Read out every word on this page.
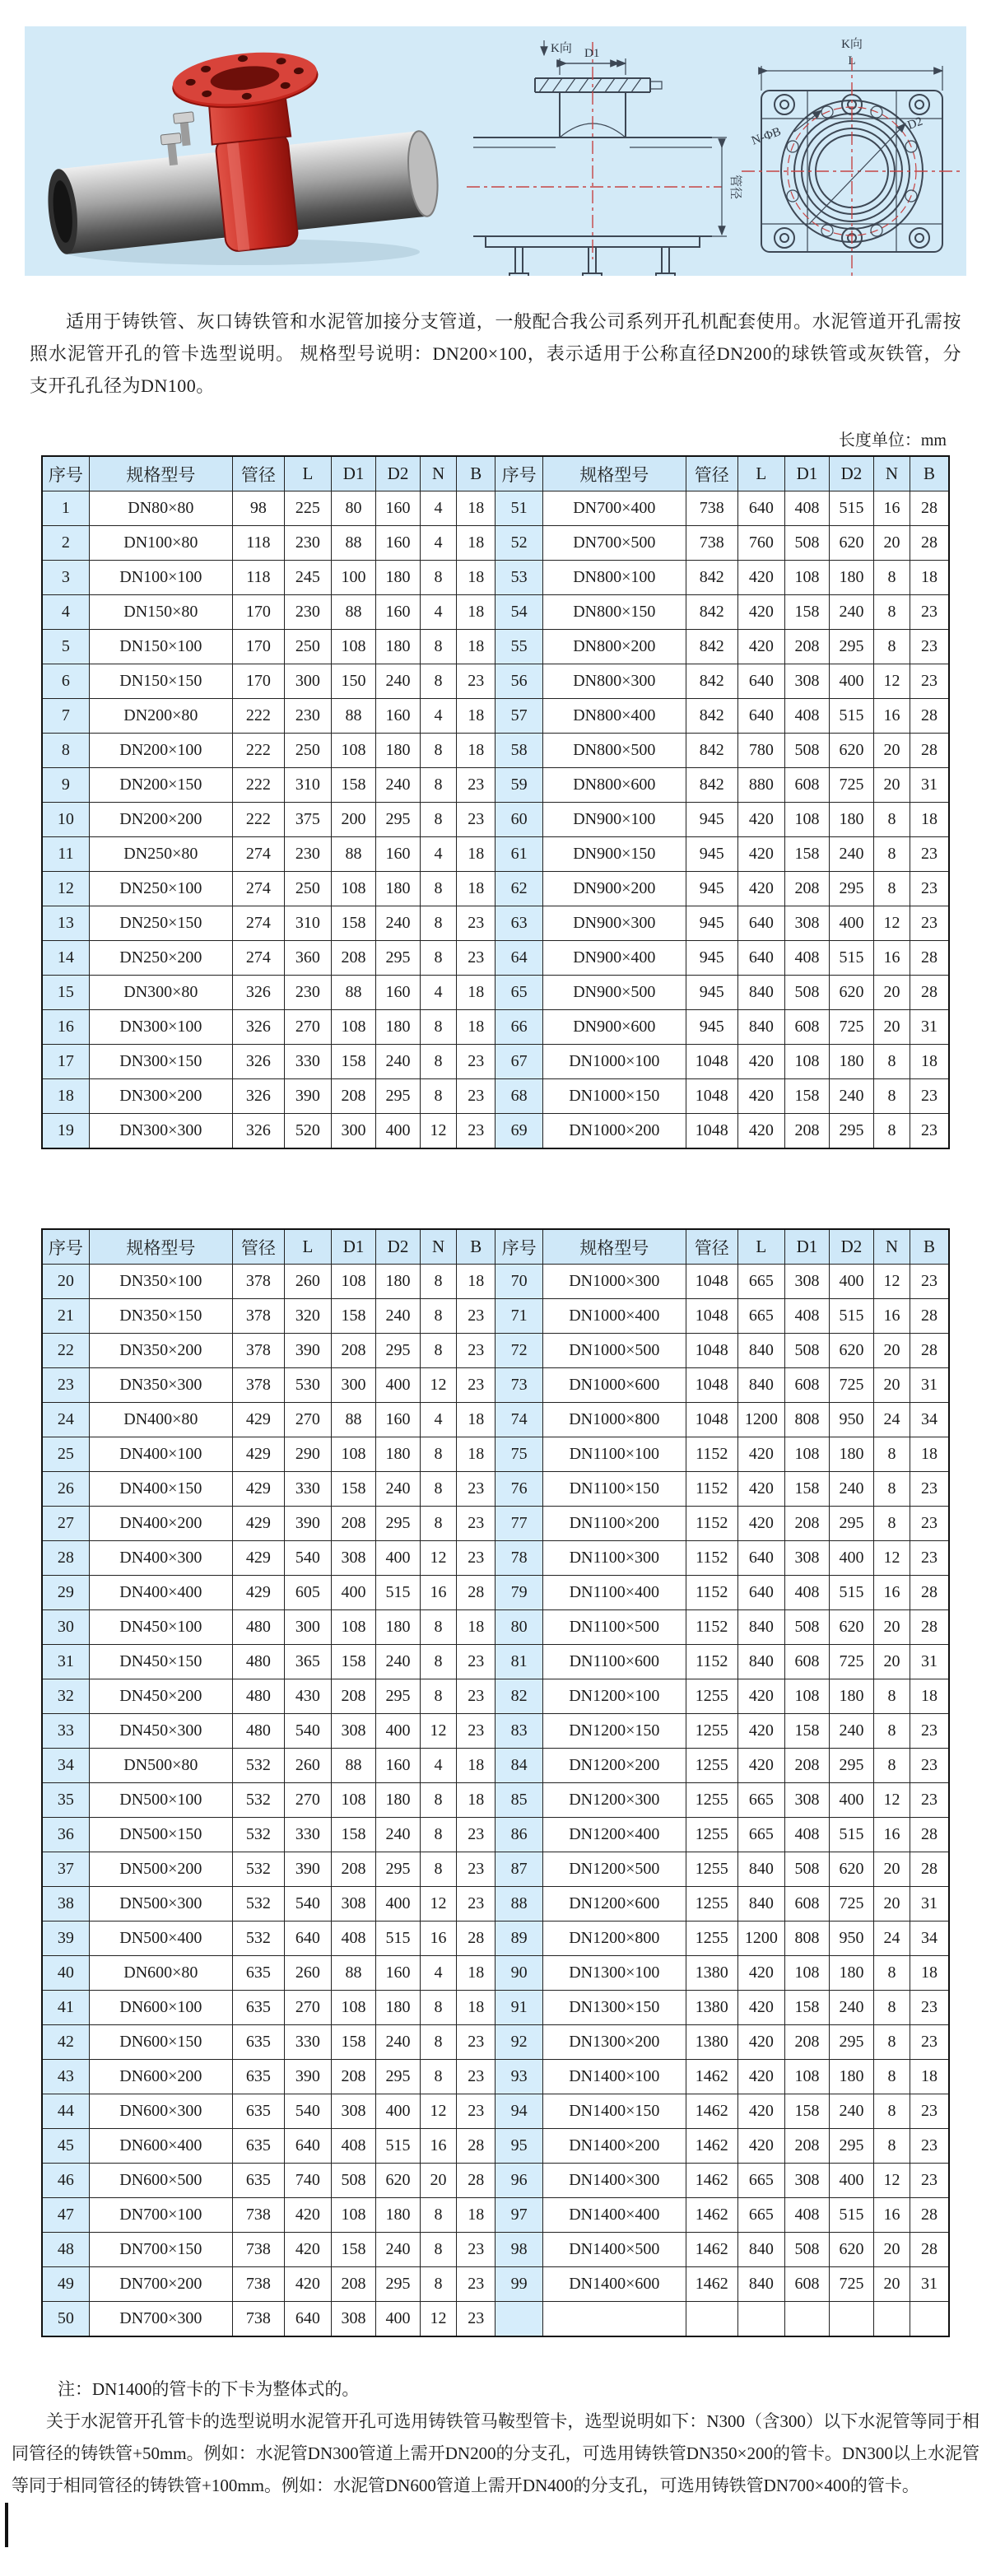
K向 D1
管径
K向
L
N-ΦB
D2

适用于铸铁管、灰口铸铁管和水泥管加接分支管道，一般配合我公司系列开孔机配套使用。水泥管道开孔需按照水泥管开孔的管卡选型说明。 规格型号说明：DN200×100，表示适用于公称直径DN200的球铁管或灰铁管，分支开孔孔径为DN100。

长度单位：mm
序号	规格型号	管径	L	D1	D2	N	B	序号	规格型号	管径	L	D1	D2	N	B
1	DN80×80	98	225	80	160	4	18	51	DN700×400	738	640	408	515	16	28
2	DN100×80	118	230	88	160	4	18	52	DN700×500	738	760	508	620	20	28
3	DN100×100	118	245	100	180	8	18	53	DN800×100	842	420	108	180	8	18
4	DN150×80	170	230	88	160	4	18	54	DN800×150	842	420	158	240	8	23
5	DN150×100	170	250	108	180	8	18	55	DN800×200	842	420	208	295	8	23
6	DN150×150	170	300	150	240	8	23	56	DN800×300	842	640	308	400	12	23
7	DN200×80	222	230	88	160	4	18	57	DN800×400	842	640	408	515	16	28
8	DN200×100	222	250	108	180	8	18	58	DN800×500	842	780	508	620	20	28
9	DN200×150	222	310	158	240	8	23	59	DN800×600	842	880	608	725	20	31
10	DN200×200	222	375	200	295	8	23	60	DN900×100	945	420	108	180	8	18
11	DN250×80	274	230	88	160	4	18	61	DN900×150	945	420	158	240	8	23
12	DN250×100	274	250	108	180	8	18	62	DN900×200	945	420	208	295	8	23
13	DN250×150	274	310	158	240	8	23	63	DN900×300	945	640	308	400	12	23
14	DN250×200	274	360	208	295	8	23	64	DN900×400	945	640	408	515	16	28
15	DN300×80	326	230	88	160	4	18	65	DN900×500	945	840	508	620	20	28
16	DN300×100	326	270	108	180	8	18	66	DN900×600	945	840	608	725	20	31
17	DN300×150	326	330	158	240	8	23	67	DN1000×100	1048	420	108	180	8	18
18	DN300×200	326	390	208	295	8	23	68	DN1000×150	1048	420	158	240	8	23
19	DN300×300	326	520	300	400	12	23	69	DN1000×200	1048	420	208	295	8	23
序号	规格型号	管径	L	D1	D2	N	B	序号	规格型号	管径	L	D1	D2	N	B
20	DN350×100	378	260	108	180	8	18	70	DN1000×300	1048	665	308	400	12	23
21	DN350×150	378	320	158	240	8	23	71	DN1000×400	1048	665	408	515	16	28
22	DN350×200	378	390	208	295	8	23	72	DN1000×500	1048	840	508	620	20	28
23	DN350×300	378	530	300	400	12	23	73	DN1000×600	1048	840	608	725	20	31
24	DN400×80	429	270	88	160	4	18	74	DN1000×800	1048	1200	808	950	24	34
25	DN400×100	429	290	108	180	8	18	75	DN1100×100	1152	420	108	180	8	18
26	DN400×150	429	330	158	240	8	23	76	DN1100×150	1152	420	158	240	8	23
27	DN400×200	429	390	208	295	8	23	77	DN1100×200	1152	420	208	295	8	23
28	DN400×300	429	540	308	400	12	23	78	DN1100×300	1152	640	308	400	12	23
29	DN400×400	429	605	400	515	16	28	79	DN1100×400	1152	640	408	515	16	28
30	DN450×100	480	300	108	180	8	18	80	DN1100×500	1152	840	508	620	20	28
31	DN450×150	480	365	158	240	8	23	81	DN1100×600	1152	840	608	725	20	31
32	DN450×200	480	430	208	295	8	23	82	DN1200×100	1255	420	108	180	8	18
33	DN450×300	480	540	308	400	12	23	83	DN1200×150	1255	420	158	240	8	23
34	DN500×80	532	260	88	160	4	18	84	DN1200×200	1255	420	208	295	8	23
35	DN500×100	532	270	108	180	8	18	85	DN1200×300	1255	665	308	400	12	23
36	DN500×150	532	330	158	240	8	23	86	DN1200×400	1255	665	408	515	16	28
37	DN500×200	532	390	208	295	8	23	87	DN1200×500	1255	840	508	620	20	28
38	DN500×300	532	540	308	400	12	23	88	DN1200×600	1255	840	608	725	20	31
39	DN500×400	532	640	408	515	16	28	89	DN1200×800	1255	1200	808	950	24	34
40	DN600×80	635	260	88	160	4	18	90	DN1300×100	1380	420	108	180	8	18
41	DN600×100	635	270	108	180	8	18	91	DN1300×150	1380	420	158	240	8	23
42	DN600×150	635	330	158	240	8	23	92	DN1300×200	1380	420	208	295	8	23
43	DN600×200	635	390	208	295	8	23	93	DN1400×100	1462	420	108	180	8	18
44	DN600×300	635	540	308	400	12	23	94	DN1400×150	1462	420	158	240	8	23
45	DN600×400	635	640	408	515	16	28	95	DN1400×200	1462	420	208	295	8	23
46	DN600×500	635	740	508	620	20	28	96	DN1400×300	1462	665	308	400	12	23
47	DN700×100	738	420	108	180	8	18	97	DN1400×400	1462	665	408	515	16	28
48	DN700×150	738	420	158	240	8	23	98	DN1400×500	1462	840	508	620	20	28
49	DN700×200	738	420	208	295	8	23	99	DN1400×600	1462	840	608	725	20	31
50	DN700×300	738	640	308	400	12	23								

注：DN1400的管卡的下卡为整体式的。

关于水泥管开孔管卡的选型说明水泥管开孔可选用铸铁管马鞍型管卡，选型说明如下：N300（含300）以下水泥管等同于相同管径的铸铁管+50mm。例如：水泥管DN300管道上需开DN200的分支孔，可选用铸铁管DN350×200的管卡。DN300以上水泥管等同于相同管径的铸铁管+100mm。例如：水泥管DN600管道上需开DN400的分支孔，可选用铸铁管DN700×400的管卡。
